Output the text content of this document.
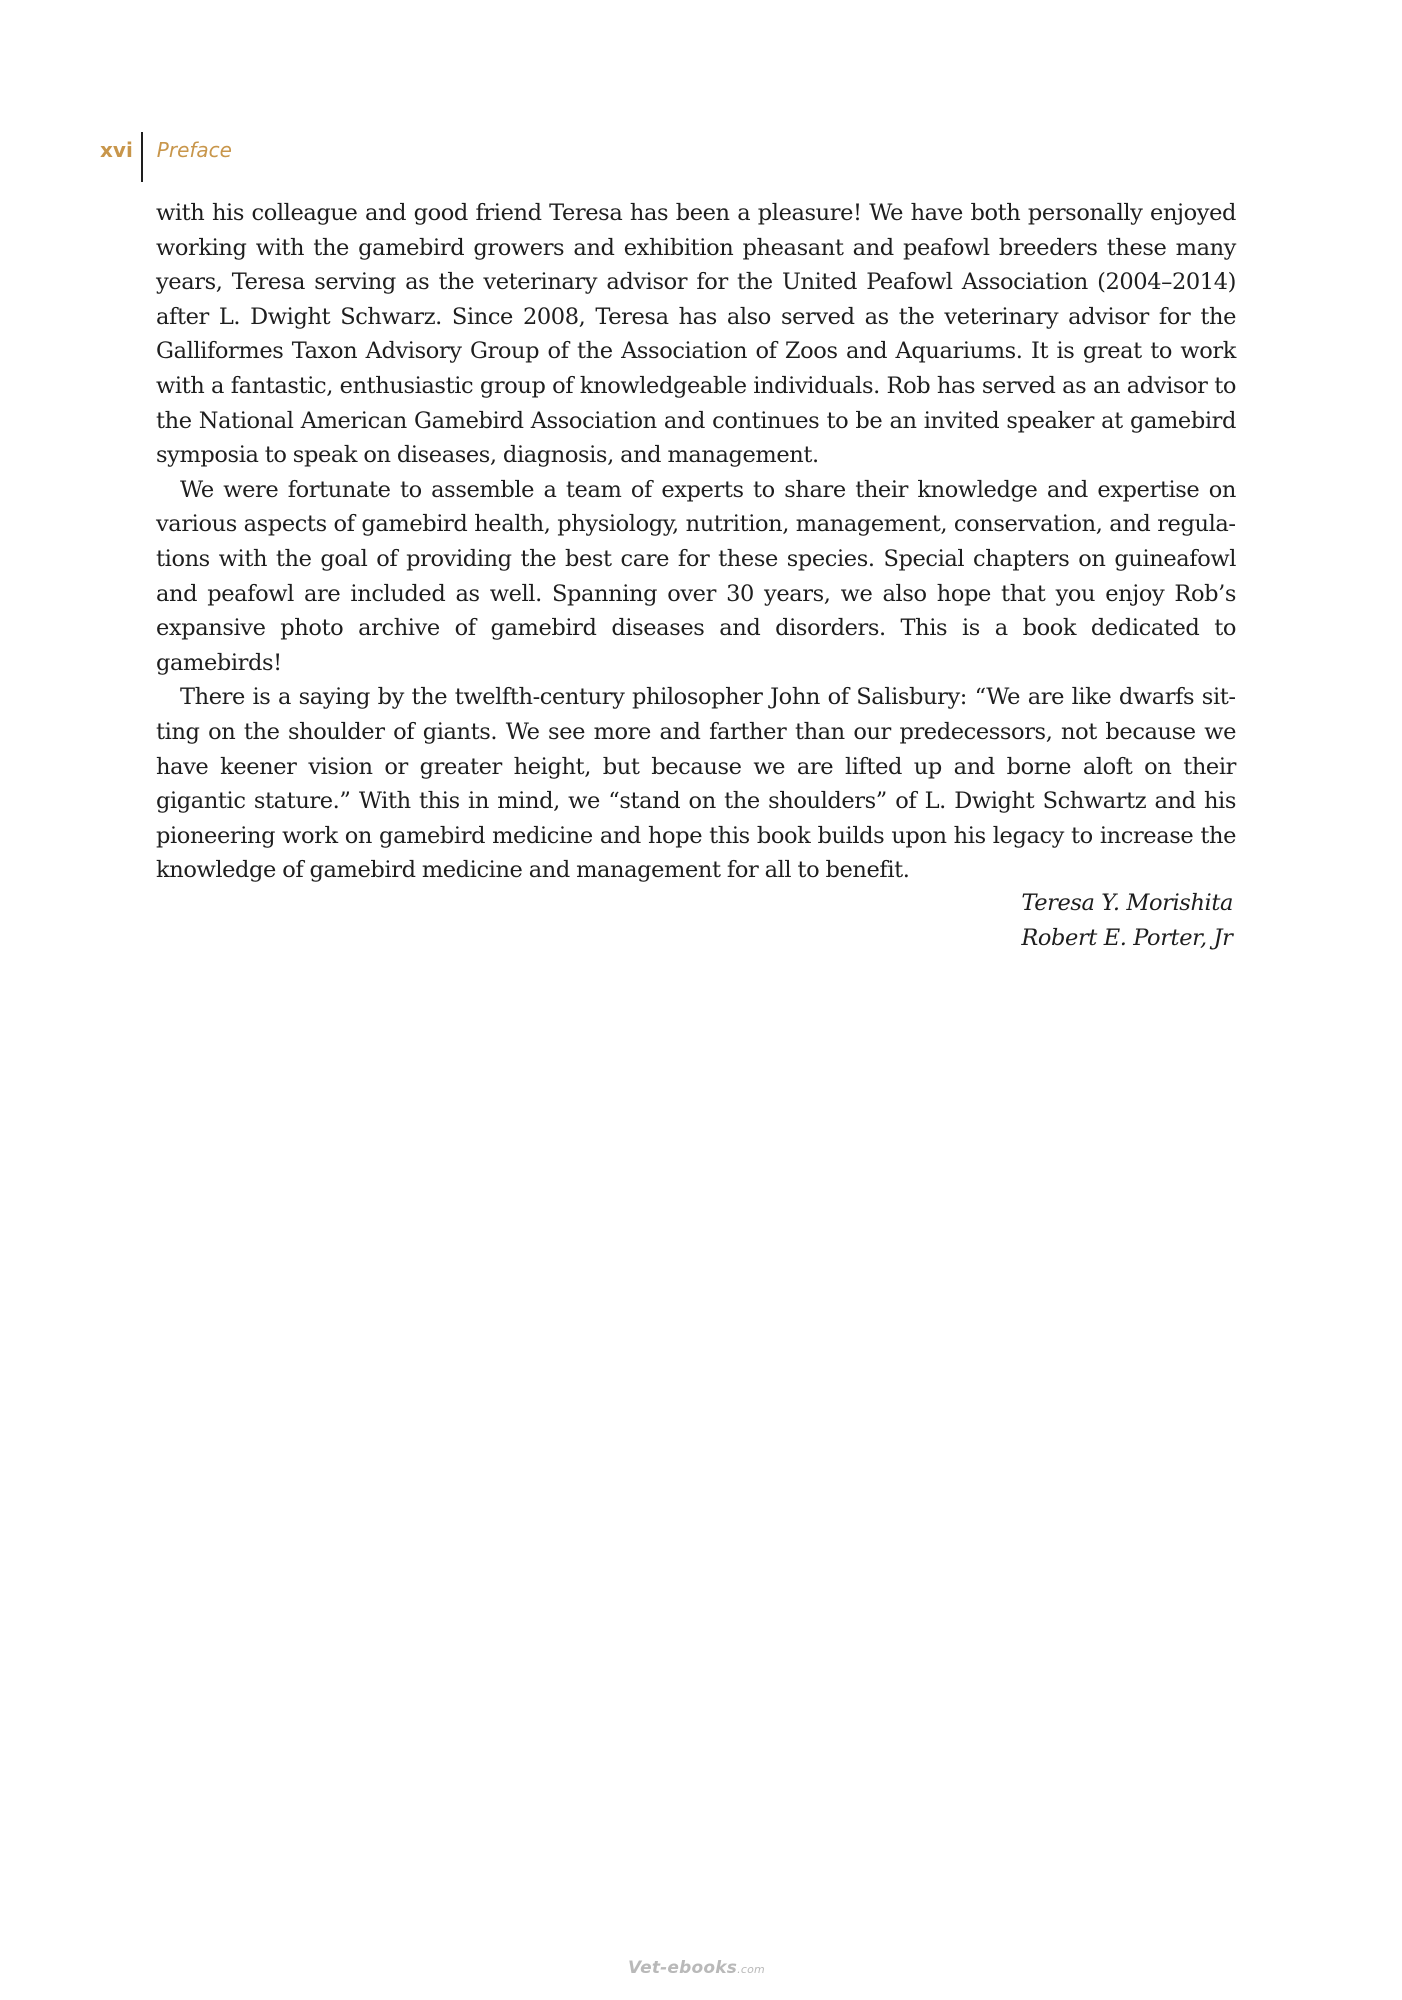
xvi	Preface

with his colleague and good friend Teresa has been a pleasure! We have both personally enjoyed working with the gamebird growers and exhibition pheasant and peafowl breeders these many years, Teresa serving as the veterinary advisor for the United Peafowl Association (2004–2014) after L. Dwight Schwarz. Since 2008, Teresa has also served as the veterinary advisor for the Galliformes Taxon Advisory Group of the Association of Zoos and Aquariums. It is great to work with a fantastic, enthusiastic group of knowledgeable individuals. Rob has served as an advisor to the National American Gamebird Association and continues to be an invited speaker at gamebird symposia to speak on diseases, diagnosis, and management.

We were fortunate to assemble a team of experts to share their knowledge and expertise on various aspects of gamebird health, physiology, nutrition, management, conservation, and regulations with the goal of providing the best care for these species. Special chapters on guineafowl and peafowl are included as well. Spanning over 30 years, we also hope that you enjoy Rob’s expansive photo archive of gamebird diseases and disorders. This is a book dedicated to gamebirds!

There is a saying by the twelfth-century philosopher John of Salisbury: “We are like dwarfs sitting on the shoulder of giants. We see more and farther than our predecessors, not because we have keener vision or greater height, but because we are lifted up and borne aloft on their gigantic stature.” With this in mind, we “stand on the shoulders” of L. Dwight Schwartz and his pioneering work on gamebird medicine and hope this book builds upon his legacy to increase the knowledge of gamebird medicine and management for all to benefit.

Teresa Y. Morishita
Robert E. Porter, Jr
Vet-ebooks.com
